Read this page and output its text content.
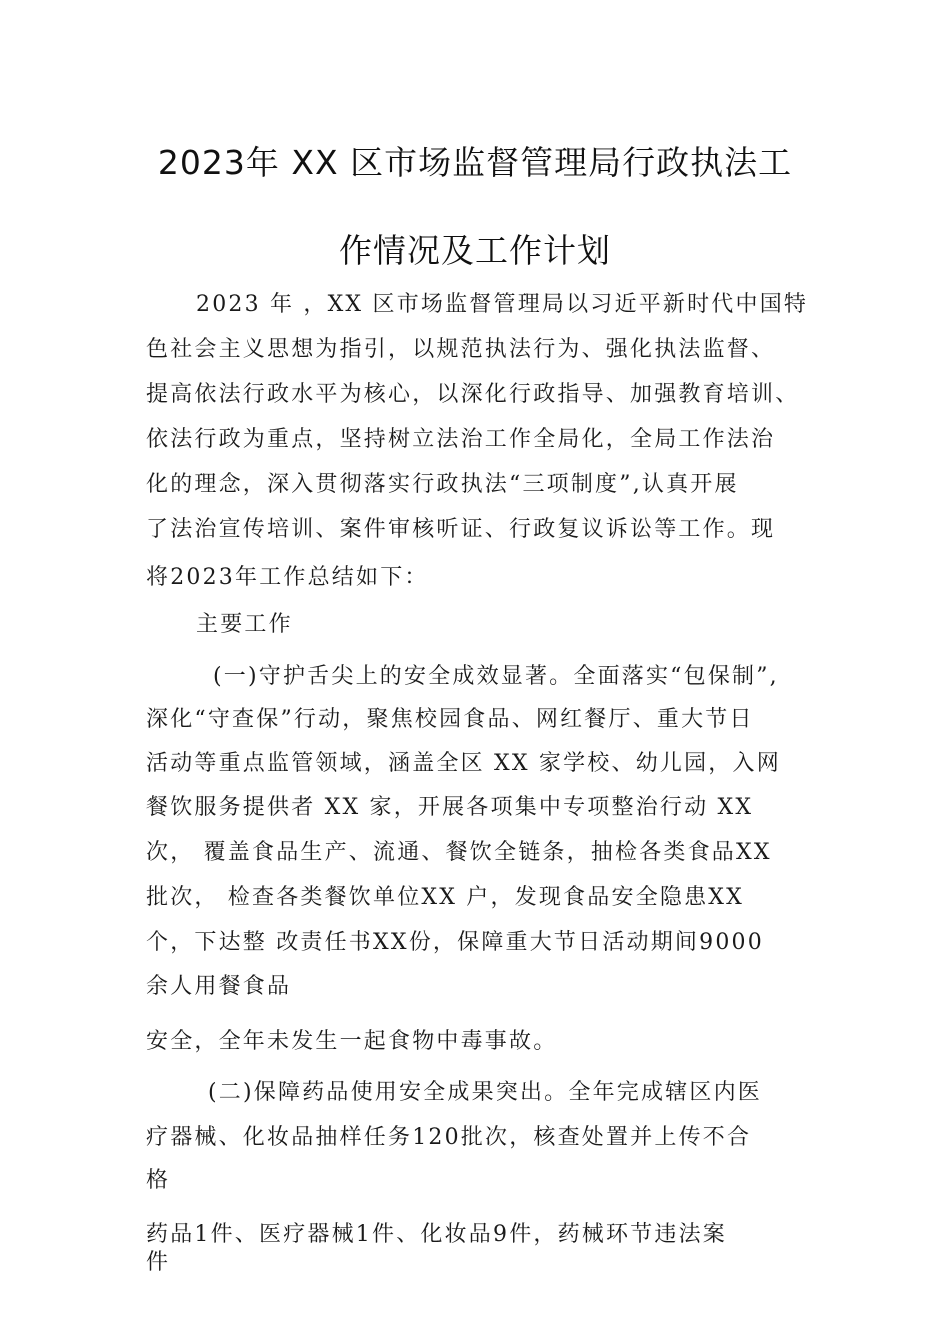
2023年 XX 区市场监督管理局行政执法工
作情况及工作计划
2023 年 ，XX 区市场监督管理局以习近平新时代中国特
色社会主义思想为指引，以规范执法行为、强化执法监督、
提高依法行政水平为核心，以深化行政指导、加强教育培训、
依法行政为重点，坚持树立法治工作全局化，全局工作法治
化的理念，深入贯彻落实行政执法“三项制度”,认真开展
了法治宣传培训、案件审核听证、行政复议诉讼等工作。现
将2023年工作总结如下：
主要工作
(一)守护舌尖上的安全成效显著。全面落实“包保制”,
深化“守查保”行动，聚焦校园食品、网红餐厅、重大节日
活动等重点监管领域，涵盖全区 XX 家学校、幼儿园，入网
餐饮服务提供者 XX 家，开展各项集中专项整治行动 XX
次， 覆盖食品生产、流通、餐饮全链条，抽检各类食品XX
批次， 检查各类餐饮单位XX 户，发现食品安全隐患XX
个，下达整 改责任书XX份，保障重大节日活动期间9000
余人用餐食品
安全，全年未发生一起食物中毒事故。
(二)保障药品使用安全成果突出。全年完成辖区内医
疗器械、化妆品抽样任务120批次，核查处置并上传不合
格
药品1件、医疗器械1件、化妆品9件，药械环节违法案
件
